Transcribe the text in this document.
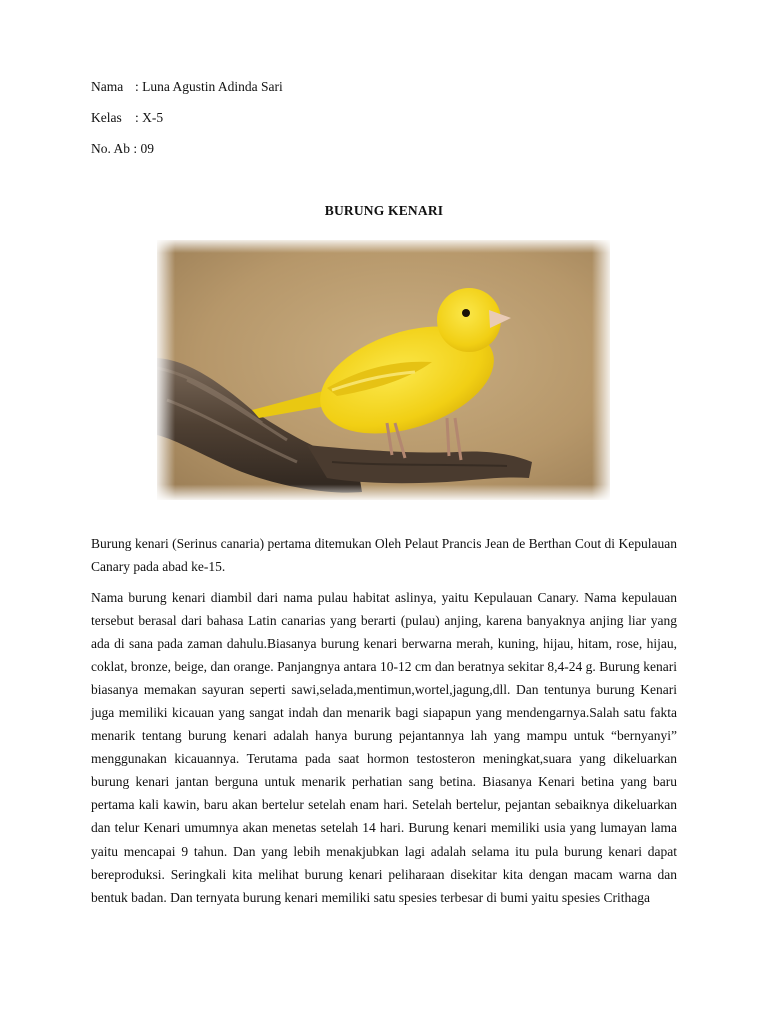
Nama : Luna Agustin Adinda Sari
Kelas : X-5
No. Ab : 09
BURUNG KENARI

Burung kenari (Serinus canaria) pertama ditemukan Oleh Pelaut Prancis Jean de Berthan Cout di Kepulauan Canary pada abad ke-15.

Nama burung kenari diambil dari nama pulau habitat aslinya, yaitu Kepulauan Canary. Nama kepulauan tersebut berasal dari bahasa Latin canarias yang berarti (pulau) anjing, karena banyaknya anjing liar yang ada di sana pada zaman dahulu.Biasanya burung kenari berwarna merah, kuning, hijau, hitam, rose, hijau, coklat, bronze, beige, dan orange. Panjangnya antara 10-12 cm dan beratnya sekitar 8,4-24 g. Burung kenari biasanya memakan sayuran seperti sawi,selada,mentimun,wortel,jagung,dll. Dan tentunya burung Kenari juga memiliki kicauan yang sangat indah dan menarik bagi siapapun yang mendengarnya.Salah satu fakta menarik tentang burung kenari adalah hanya burung pejantannya lah yang mampu untuk “bernyanyi” menggunakan kicauannya. Terutama pada saat hormon testosteron meningkat,suara yang dikeluarkan burung kenari jantan berguna untuk menarik perhatian sang betina. Biasanya Kenari betina yang baru pertama kali kawin, baru akan bertelur setelah enam hari. Setelah bertelur, pejantan sebaiknya dikeluarkan dan telur Kenari umumnya akan menetas setelah 14 hari. Burung kenari memiliki usia yang lumayan lama yaitu mencapai 9 tahun. Dan yang lebih menakjubkan lagi adalah selama itu pula burung kenari dapat bereproduksi. Seringkali kita melihat burung kenari peliharaan disekitar kita dengan macam warna dan bentuk badan. Dan ternyata burung kenari memiliki satu spesies terbesar di bumi yaitu spesies Crithaga
